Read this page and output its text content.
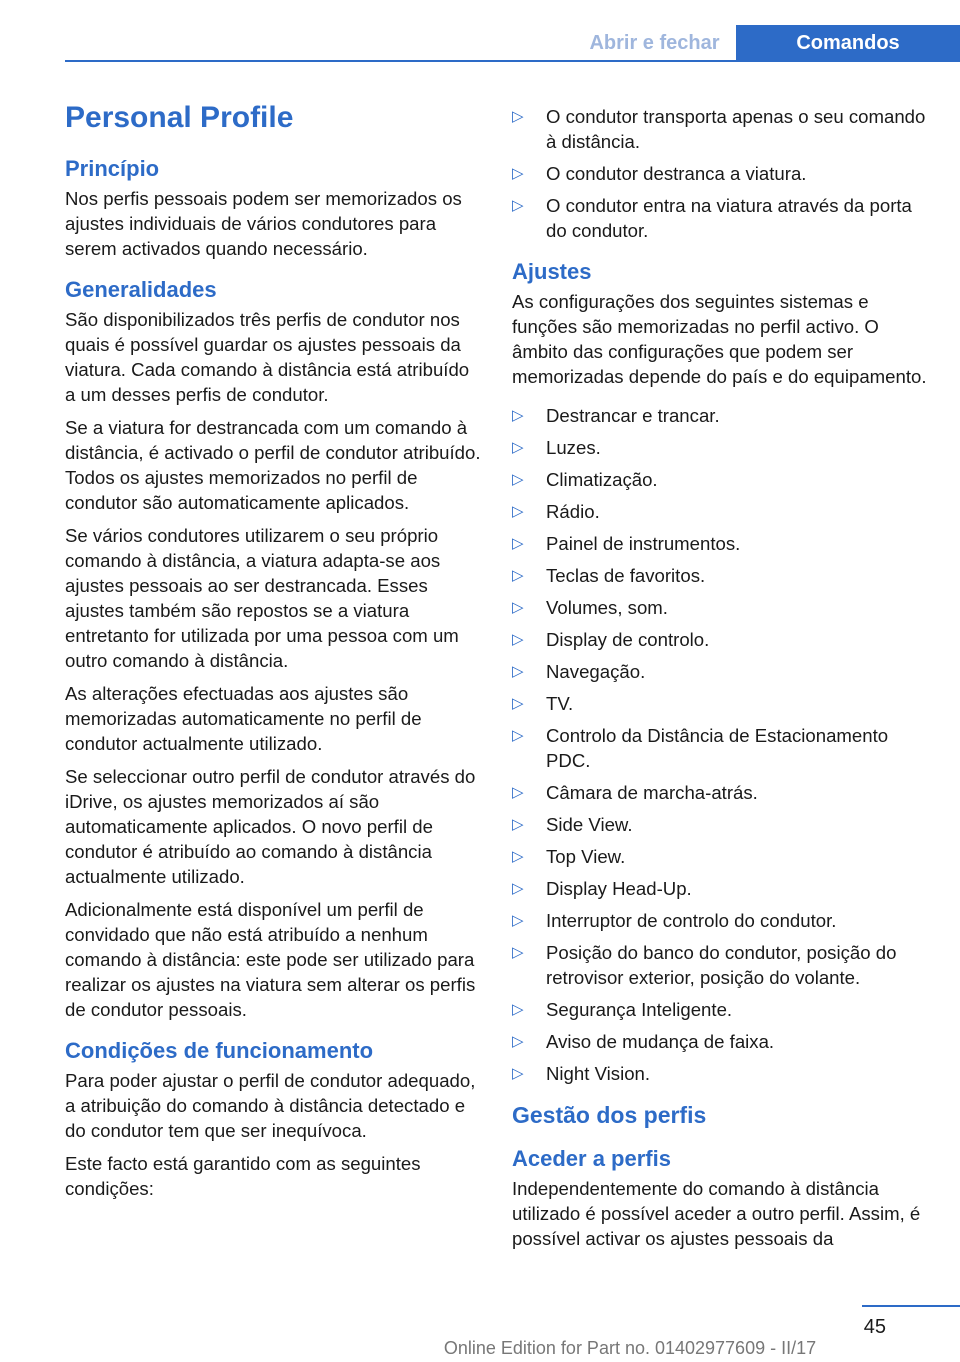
Abrir e fechar	Comandos
Personal Profile
Princípio

Nos perfis pessoais podem ser memorizados os ajustes individuais de vários condutores para serem activados quando necessário.

Generalidades

São disponibilizados três perfis de condutor nos quais é possível guardar os ajustes pessoais da viatura. Cada comando à distância está atribuído a um desses perfis de condutor.

Se a viatura for destrancada com um comando à distância, é activado o perfil de condutor atribuído. Todos os ajustes memorizados no perfil de condutor são automaticamente aplicados.

Se vários condutores utilizarem o seu próprio comando à distância, a viatura adapta-se aos ajustes pessoais ao ser destrancada. Esses ajustes também são repostos se a viatura entretanto for utilizada por uma pessoa com um outro comando à distância.

As alterações efectuadas aos ajustes são memorizadas automaticamente no perfil de condutor actualmente utilizado.

Se seleccionar outro perfil de condutor através do iDrive, os ajustes memorizados aí são automaticamente aplicados. O novo perfil de condutor é atribuído ao comando à distância actualmente utilizado.

Adicionalmente está disponível um perfil de convidado que não está atribuído a nenhum comando à distância: este pode ser utilizado para realizar os ajustes na viatura sem alterar os perfis de condutor pessoais.

Condições de funcionamento

Para poder ajustar o perfil de condutor adequado, a atribuição do comando à distância detectado e do condutor tem que ser inequívoca.

Este facto está garantido com as seguintes condições:

▷ O condutor transporta apenas o seu comando à distância.
▷ O condutor destranca a viatura.
▷ O condutor entra na viatura através da porta do condutor.
Ajustes

As configurações dos seguintes sistemas e funções são memorizadas no perfil activo. O âmbito das configurações que podem ser memorizadas depende do país e do equipamento.

▷ Destrancar e trancar.
▷ Luzes.
▷ Climatização.
▷ Rádio.
▷ Painel de instrumentos.
▷ Teclas de favoritos.
▷ Volumes, som.
▷ Display de controlo.
▷ Navegação.
▷ TV.
▷ Controlo da Distância de Estacionamento PDC.
▷ Câmara de marcha-atrás.
▷ Side View.
▷ Top View.
▷ Display Head-Up.
▷ Interruptor de controlo do condutor.
▷ Posição do banco do condutor, posição do retrovisor exterior, posição do volante.
▷ Segurança Inteligente.
▷ Aviso de mudança de faixa.
▷ Night Vision.
Gestão dos perfis
Aceder a perfis

Independentemente do comando à distância utilizado é possível aceder a outro perfil. Assim, é possível activar os ajustes pessoais da

45
Online Edition for Part no. 01402977609 - II/17
